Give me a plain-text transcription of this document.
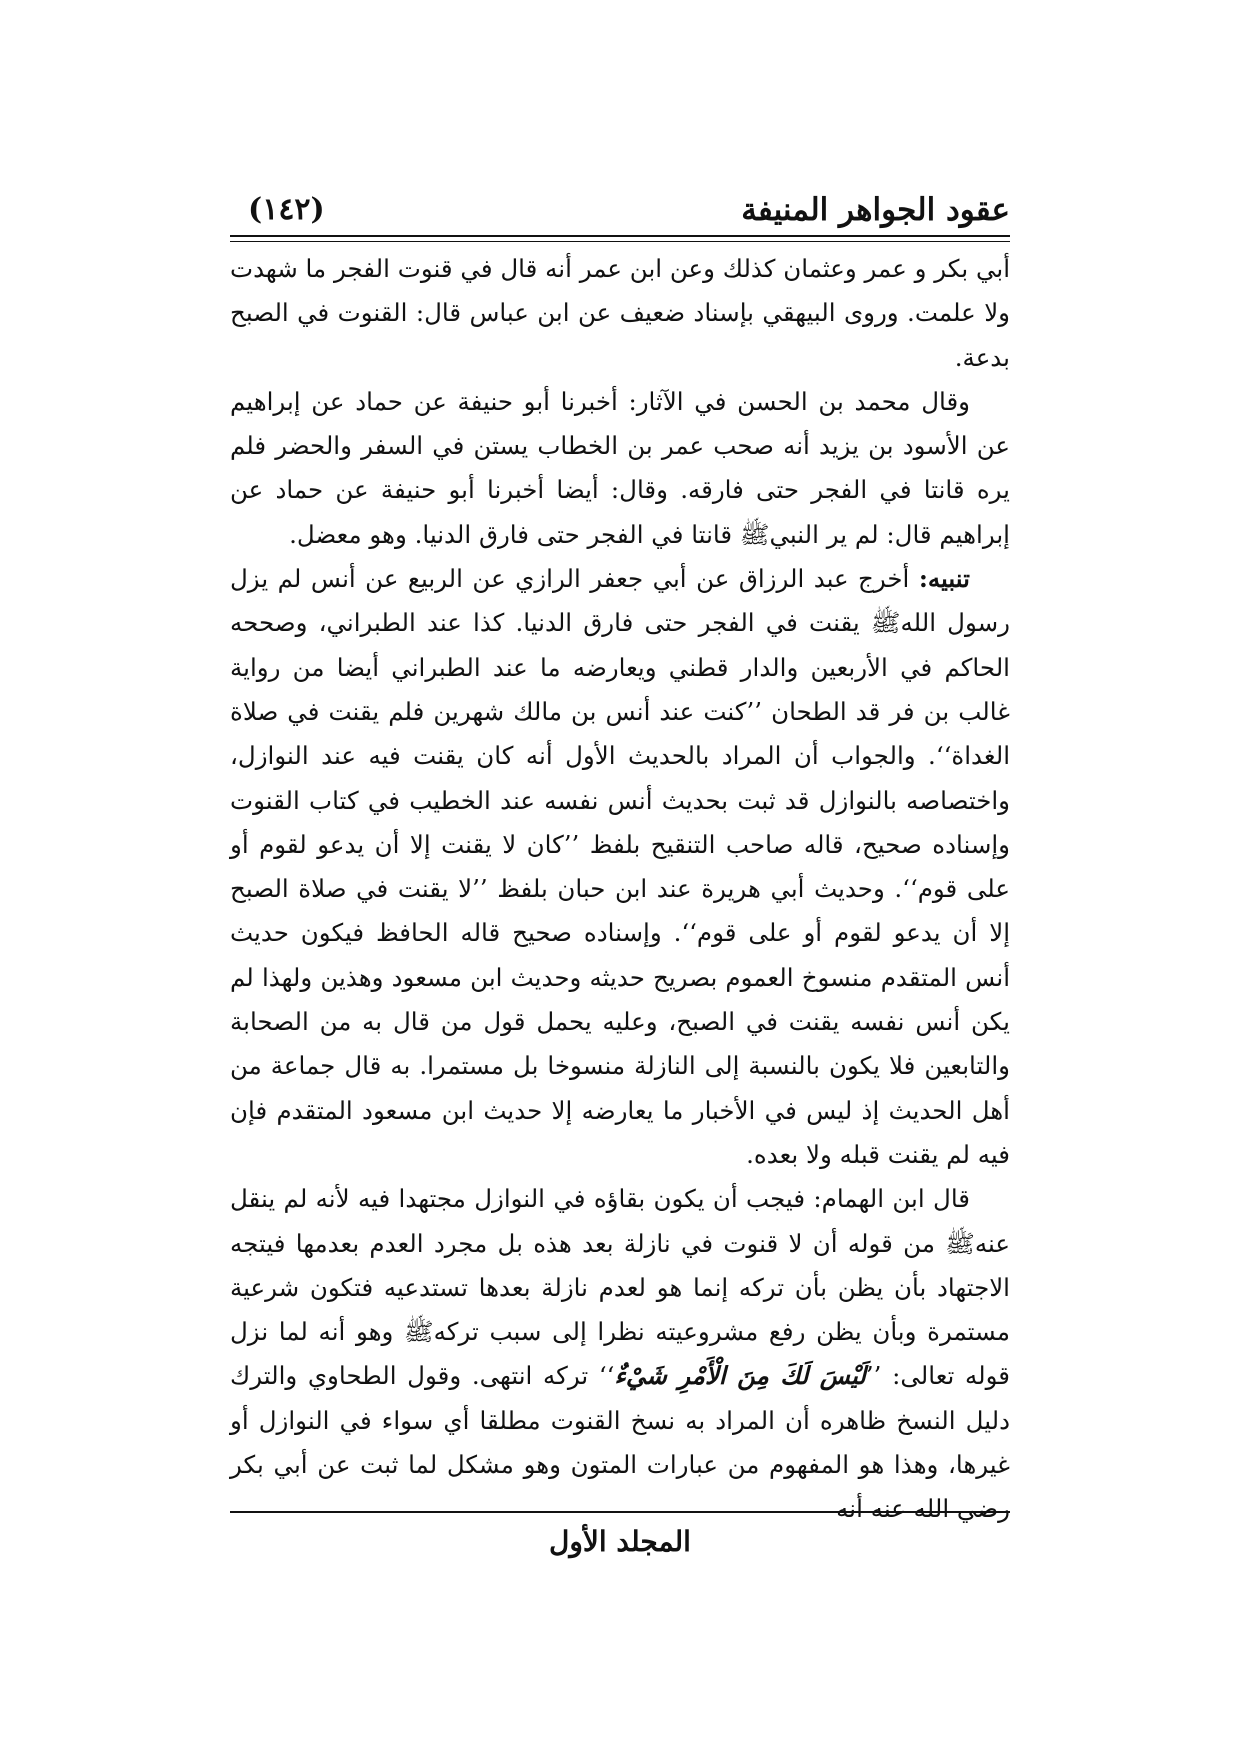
عقود الجواهر المنيفة
(١٤٢)

أبي بكر و عمر وعثمان كذلك وعن ابن عمر أنه قال في قنوت الفجر ما شهدت ولا علمت. وروى البيهقي بإسناد ضعيف عن ابن عباس قال: القنوت في الصبح بدعة.

وقال محمد بن الحسن في الآثار: أخبرنا أبو حنيفة عن حماد عن إبراهيم عن الأسود بن يزيد أنه صحب عمر بن الخطاب يستن في السفر والحضر فلم يره قانتا في الفجر حتى فارقه. وقال: أيضا أخبرنا أبو حنيفة عن حماد عن إبراهيم قال: لم ير النبيﷺ قانتا في الفجر حتى فارق الدنيا. وهو معضل.

تنبيه: أخرج عبد الرزاق عن أبي جعفر الرازي عن الربيع عن أنس لم يزل رسول اللهﷺ يقنت في الفجر حتى فارق الدنيا. كذا عند الطبراني، وصححه الحاكم في الأربعين والدار قطني ويعارضه ما عند الطبراني أيضا من رواية غالب بن فر قد الطحان ’’كنت عند أنس بن مالك شهرين فلم يقنت في صلاة الغداة‘‘. والجواب أن المراد بالحديث الأول أنه كان يقنت فيه عند النوازل، واختصاصه بالنوازل قد ثبت بحديث أنس نفسه عند الخطيب في كتاب القنوت وإسناده صحيح، قاله صاحب التنقيح بلفظ ’’كان لا يقنت إلا أن يدعو لقوم أو على قوم‘‘. وحديث أبي هريرة عند ابن حبان بلفظ ’’لا يقنت في صلاة الصبح إلا أن يدعو لقوم أو على قوم‘‘. وإسناده صحيح قاله الحافظ فيكون حديث أنس المتقدم منسوخ العموم بصريح حديثه وحديث ابن مسعود وهذين ولهذا لم يكن أنس نفسه يقنت في الصبح، وعليه يحمل قول من قال به من الصحابة والتابعين فلا يكون بالنسبة إلى النازلة منسوخا بل مستمرا. به قال جماعة من أهل الحديث إذ ليس في الأخبار ما يعارضه إلا حديث ابن مسعود المتقدم فإن فيه لم يقنت قبله ولا بعده.

قال ابن الهمام: فيجب أن يكون بقاؤه في النوازل مجتهدا فيه لأنه لم ينقل عنهﷺ من قوله أن لا قنوت في نازلة بعد هذه بل مجرد العدم بعدمها فيتجه الاجتهاد بأن يظن بأن تركه إنما هو لعدم نازلة بعدها تستدعيه فتكون شرعية مستمرة وبأن يظن رفع مشروعيته نظرا إلى سبب تركهﷺ وهو أنه لما نزل قوله تعالى: ’’لَيْسَ لَكَ مِنَ الْأَمْرِ شَيْءٌ‘‘ تركه انتهى. وقول الطحاوي والترك دليل النسخ ظاهره أن المراد به نسخ القنوت مطلقا أي سواء في النوازل أو غيرها، وهذا هو المفهوم من عبارات المتون وهو مشكل لما ثبت عن أبي بكر رضي الله عنه أنه

المجلد الأول
